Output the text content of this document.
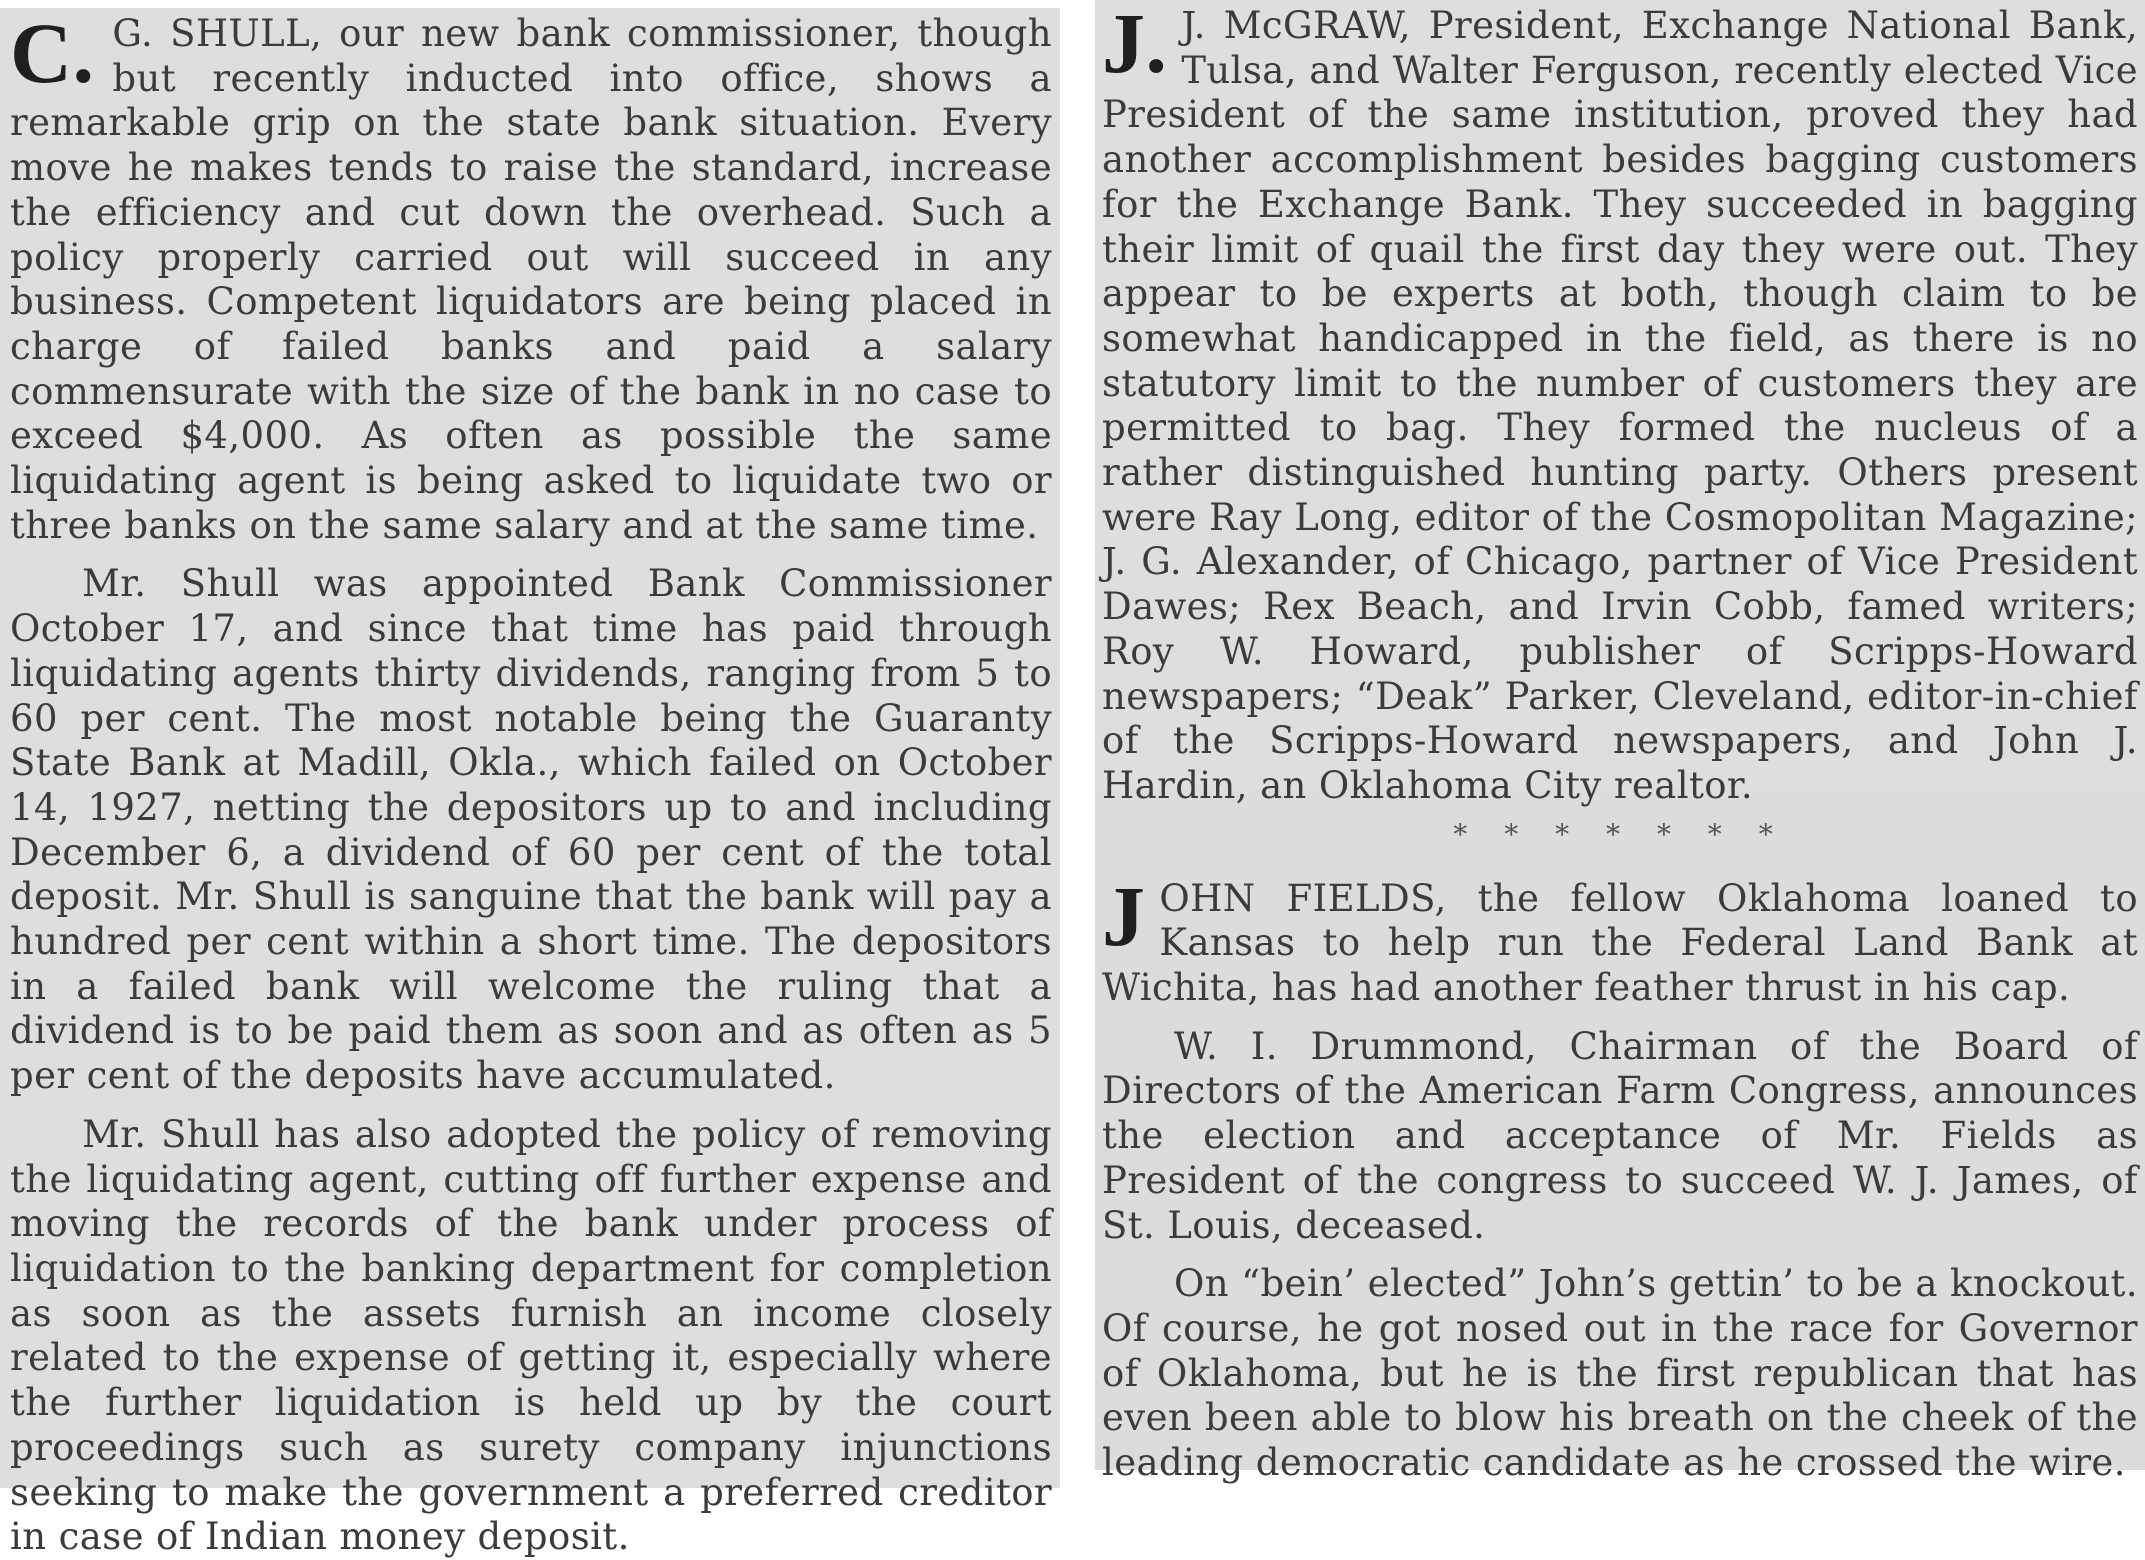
C. G. SHULL, our new bank commissioner, though but recently inducted into office, shows a remarkable grip on the state bank situation. Every move he makes tends to raise the standard, increase the efficiency and cut down the overhead. Such a policy properly carried out will succeed in any business. Competent liquidators are being placed in charge of failed banks and paid a salary commensurate with the size of the bank in no case to exceed $4,000. As often as possible the same liquidating agent is being asked to liquidate two or three banks on the same salary and at the same time.

Mr. Shull was appointed Bank Commissioner October 17, and since that time has paid through liquidating agents thirty dividends, ranging from 5 to 60 per cent. The most notable being the Guaranty State Bank at Madill, Okla., which failed on October 14, 1927, netting the depositors up to and including December 6, a dividend of 60 per cent of the total deposit. Mr. Shull is sanguine that the bank will pay a hundred per cent within a short time. The depositors in a failed bank will welcome the ruling that a dividend is to be paid them as soon and as often as 5 per cent of the deposits have accumulated.

Mr. Shull has also adopted the policy of removing the liquidating agent, cutting off further expense and moving the records of the bank under process of liquidation to the banking department for completion as soon as the assets furnish an income closely related to the expense of getting it, especially where the further liquidation is held up by the court proceedings such as surety company injunctions seeking to make the government a preferred creditor in case of Indian money deposit.

J. J. McGRAW, President, Exchange National Bank, Tulsa, and Walter Ferguson, recently elected Vice President of the same institution, proved they had another accomplishment besides bagging customers for the Exchange Bank. They succeeded in bagging their limit of quail the first day they were out. They appear to be experts at both, though claim to be somewhat handicapped in the field, as there is no statutory limit to the number of customers they are permitted to bag. They formed the nucleus of a rather distinguished hunting party. Others present were Ray Long, editor of the Cosmopolitan Magazine; J. G. Alexander, of Chicago, partner of Vice President Dawes; Rex Beach, and Irvin Cobb, famed writers; Roy W. Howard, publisher of Scripps-Howard newspapers; “Deak” Parker, Cleveland, editor-in-chief of the Scripps-Howard newspapers, and John J. Hardin, an Oklahoma City realtor.

* * * * * * *

JOHN FIELDS, the fellow Oklahoma loaned to Kansas to help run the Federal Land Bank at Wichita, has had another feather thrust in his cap.

W. I. Drummond, Chairman of the Board of Directors of the American Farm Congress, announces the election and acceptance of Mr. Fields as President of the congress to succeed W. J. James, of St. Louis, deceased.

On “bein’ elected” John’s gettin’ to be a knockout. Of course, he got nosed out in the race for Governor of Oklahoma, but he is the first republican that has even been able to blow his breath on the cheek of the leading democratic candidate as he crossed the wire.
